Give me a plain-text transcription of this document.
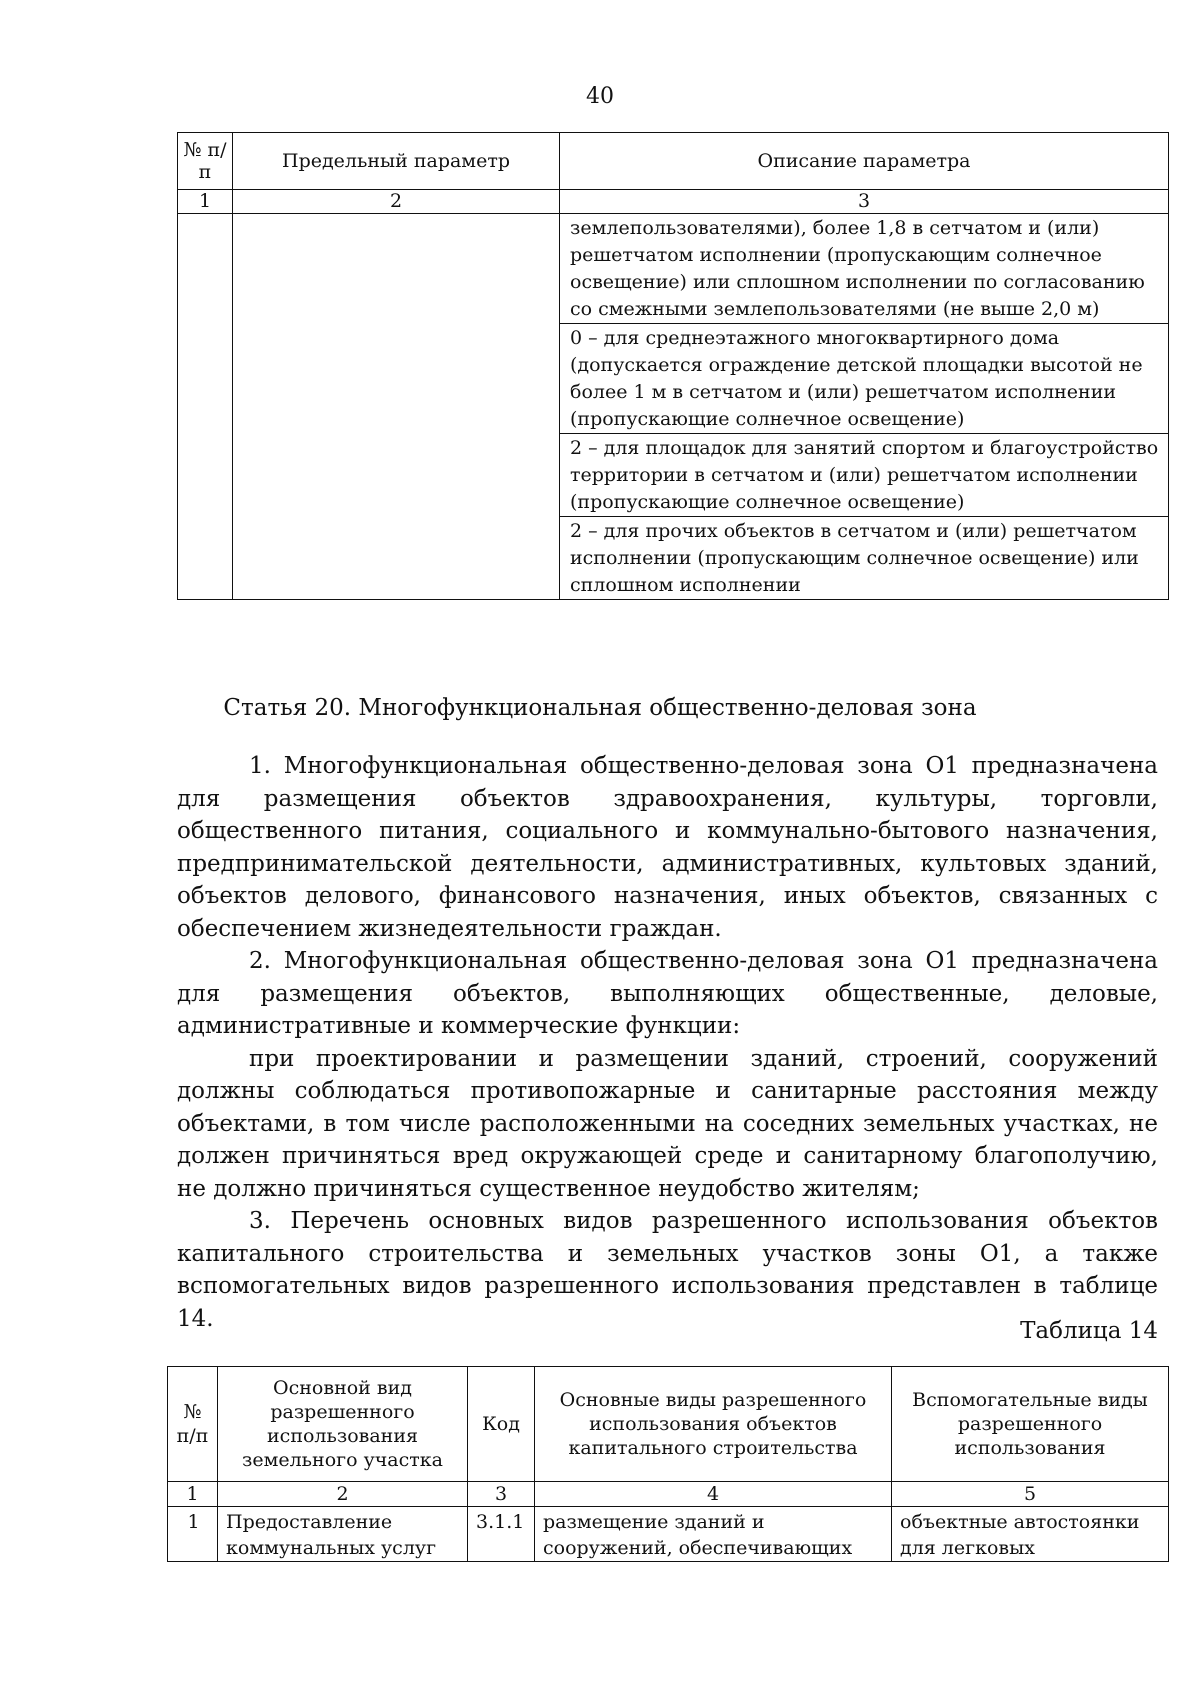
40
№ п/п	Предельный параметр	Описание параметра
1	2	3
		землепользователями), более 1,8 в сетчатом и (или) решетчатом исполнении (пропускающим солнечное освещение) или сплошном исполнении по согласованию со смежными землепользователями (не выше 2,0 м)
		0 – для среднеэтажного многоквартирного дома (допускается ограждение детской площадки высотой не более 1 м в сетчатом и (или) решетчатом исполнении (пропускающие солнечное освещение)
		2 – для площадок для занятий спортом и благоустройство территории в сетчатом и (или) решетчатом исполнении (пропускающие солнечное освещение)
		2 – для прочих объектов в сетчатом и (или) решетчатом исполнении (пропускающим солнечное освещение) или сплошном исполнении
Статья 20. Многофункциональная общественно-деловая зона

1. Многофункциональная общественно-деловая зона О1 предназначена для размещения объектов здравоохранения, культуры, торговли, общественного питания, социального и коммунально-бытового назначения, предпринимательской деятельности, административных, культовых зданий, объектов делового, финансового назначения, иных объектов, связанных с обеспечением жизнедеятельности граждан.

2. Многофункциональная общественно-деловая зона О1 предназначена для размещения объектов, выполняющих общественные, деловые, административные и коммерческие функции:

при проектировании и размещении зданий, строений, сооружений должны соблюдаться противопожарные и санитарные расстояния между объектами, в том числе расположенными на соседних земельных участках, не должен причиняться вред окружающей среде и санитарному благополучию, не должно причиняться существенное неудобство жителям;

3. Перечень основных видов разрешенного использования объектов капитального строительства и земельных участков зоны О1, а также вспомогательных видов разрешенного использования представлен в таблице 14.	Таблица 14
№ п/п	Основной вид разрешенного использования земельного участка	Код	Основные виды разрешенного использования объектов капитального строительства	Вспомогательные виды разрешенного использования
1	2	3	4	5
1	Предоставление коммунальных услуг	3.1.1	размещение зданий и сооружений, обеспечивающих	объектные автостоянки для легковых
